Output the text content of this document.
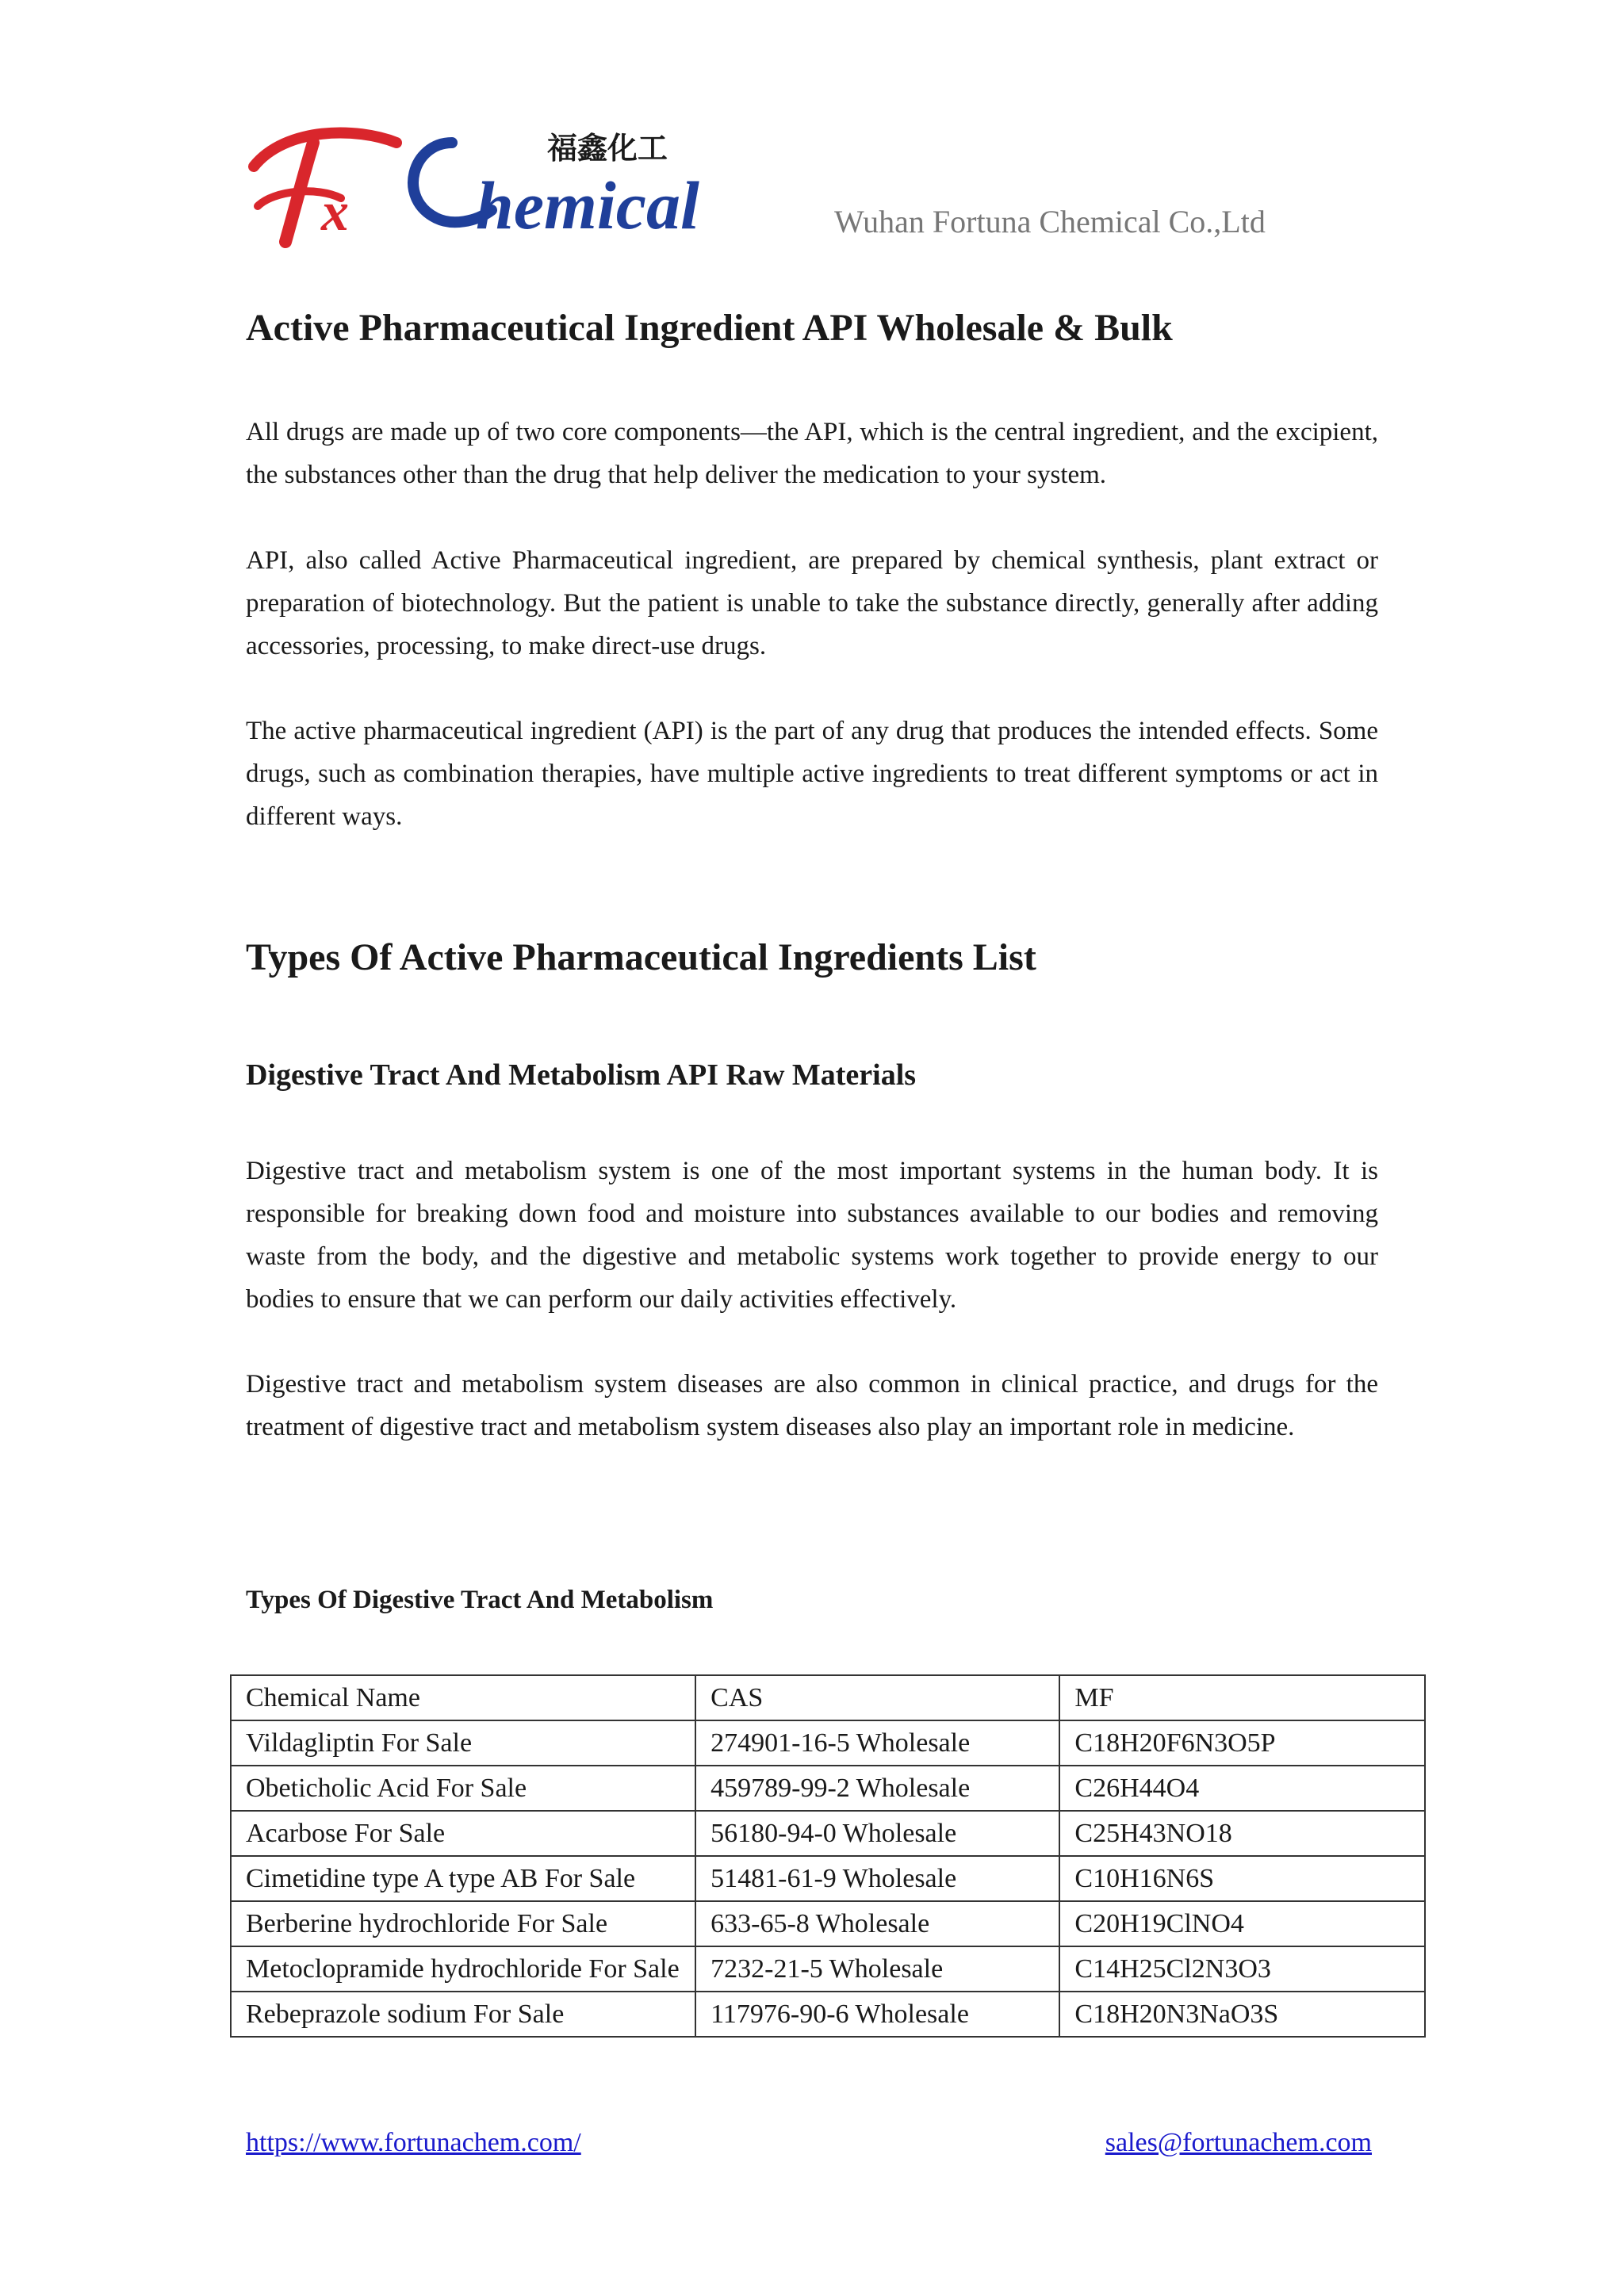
x hemical
福鑫化工
Wuhan Fortuna Chemical Co.,Ltd
Active Pharmaceutical Ingredient API Wholesale & Bulk

All drugs are made up of two core components—the API, which is the central ingredient, and the excipient, the substances other than the drug that help deliver the medication to your system.

API, also called Active Pharmaceutical ingredient, are prepared by chemical synthesis, plant extract or preparation of biotechnology. But the patient is unable to take the substance directly, generally after adding accessories, processing, to make direct-use drugs.

The active pharmaceutical ingredient (API) is the part of any drug that produces the intended effects. Some drugs, such as combination therapies, have multiple active ingredients to treat different symptoms or act in different ways.

Types Of Active Pharmaceutical Ingredients List
Digestive Tract And Metabolism API Raw Materials

Digestive tract and metabolism system is one of the most important systems in the human body. It is responsible for breaking down food and moisture into substances available to our bodies and removing waste from the body, and the digestive and metabolic systems work together to provide energy to our bodies to ensure that we can perform our daily activities effectively.

Digestive tract and metabolism system diseases are also common in clinical practice, and drugs for the treatment of digestive tract and metabolism system diseases also play an important role in medicine.

Types Of Digestive Tract And Metabolism
Chemical Name	CAS	MF
Vildagliptin For Sale	274901-16-5 Wholesale	C18H20F6N3O5P
Obeticholic Acid For Sale	459789-99-2 Wholesale	C26H44O4
Acarbose For Sale	56180-94-0 Wholesale	C25H43NO18
Cimetidine type A type AB For Sale	51481-61-9 Wholesale	C10H16N6S
Berberine hydrochloride For Sale	633-65-8 Wholesale	C20H19ClNO4
Metoclopramide hydrochloride For Sale	7232-21-5 Wholesale	C14H25Cl2N3O3
Rebeprazole sodium For Sale	117976-90-6 Wholesale	C18H20N3NaO3S
https://www.fortunachem.com/	sales@fortunachem.com
